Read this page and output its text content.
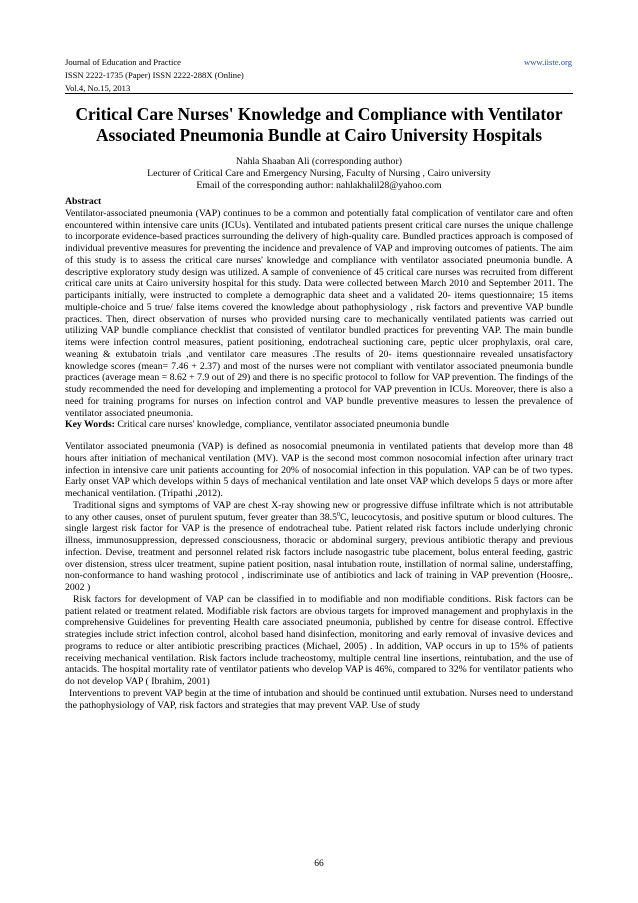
Journal of Education and Practice
ISSN 2222-1735 (Paper) ISSN 2222-288X (Online)
Vol.4, No.15, 2013
www.iiste.org
Critical Care Nurses' Knowledge and Compliance with Ventilator Associated Pneumonia Bundle at Cairo University Hospitals
Nahla Shaaban Ali (corresponding author)
Lecturer of Critical Care and Emergency Nursing, Faculty of Nursing , Cairo university
Email of the corresponding author: nahlakhalil28@yahoo.com

Abstract

Ventilator-associated pneumonia (VAP) continues to be a common and potentially fatal complication of ventilator care and often encountered within intensive care units (ICUs). Ventilated and intubated patients present critical care nurses the unique challenge to incorporate evidence-based practices surrounding the delivery of high-quality care. Bundled practices approach is composed of individual preventive measures for preventing the incidence and prevalence of VAP and improving outcomes of patients. The aim of this study is to assess the critical care nurses' knowledge and compliance with ventilator associated pneumonia bundle. A descriptive exploratory study design was utilized. A sample of convenience of 45 critical care nurses was recruited from different critical care units at Cairo university hospital for this study. Data were collected between March 2010 and September 2011. The participants initially, were instructed to complete a demographic data sheet and a validated 20- items questionnaire; 15 items multiple-choice and 5 true/ false items covered the knowledge about pathophysiology , risk factors and preventive VAP bundle practices. Then, direct observation of nurses who provided nursing care to mechanically ventilated patients was carried out utilizing VAP bundle compliance checklist that consisted of ventilator bundled practices for preventing VAP. The main bundle items were infection control measures, patient positioning, endotracheal suctioning care, peptic ulcer prophylaxis, oral care, weaning & extubatoin trials ,and ventilator care measures .The results of 20- items questionnaire revealed unsatisfactory knowledge scores (mean= 7.46 + 2.37) and most of the nurses were not compliant with ventilator associated pneumonia bundle practices (average mean = 8.62 + 7.9 out of 29) and there is no specific protocol to follow for VAP prevention. The findings of the study recommended the need for developing and implementing a protocol for VAP prevention in ICUs. Moreover, there is also a need for training programs for nurses on infection control and VAP bundle preventive measures to lessen the prevalence of ventilator associated pneumonia.

Key Words: Critical care nurses' knowledge, compliance, ventilator associated pneumonia bundle

Ventilator associated pneumonia (VAP) is defined as nosocomial pneumonia in ventilated patients that develop more than 48 hours after initiation of mechanical ventilation (MV). VAP is the second most common nosocomial infection after urinary tract infection in intensive care unit patients accounting for 20% of nosocomial infection in this population. VAP can be of two types. Early onset VAP which develops within 5 days of mechanical ventilation and late onset VAP which develops 5 days or more after mechanical ventilation. (Tripathi ,2012).

Traditional signs and symptoms of VAP are chest X-ray showing new or progressive diffuse infiltrate which is not attributable to any other causes, onset of purulent sputum, fever greater than 38.5$^0$C, leucocytosis, and positive sputum or blood cultures. The single largest risk factor for VAP is the presence of endotracheal tube. Patient related risk factors include underlying chronic illness, immunosuppression, depressed consciousness, thoracic or abdominal surgery, previous antibiotic therapy and previous infection. Devise, treatment and personnel related risk factors include nasogastric tube placement, bolus enteral feeding, gastric over distension, stress ulcer treatment, supine patient position, nasal intubation route, instillation of normal saline, understaffing, non-conformance to hand washing protocol , indiscriminate use of antibiotics and lack of training in VAP prevention (Hoosre,. 2002 )

Risk factors for development of VAP can be classified in to modifiable and non modifiable conditions. Risk factors can be patient related or treatment related. Modifiable risk factors are obvious targets for improved management and prophylaxis in the comprehensive Guidelines for preventing Health care associated pneumonia, published by centre for disease control. Effective strategies include strict infection control, alcohol based hand disinfection, monitoring and early removal of invasive devices and programs to reduce or alter antibiotic prescribing practices (Michael, 2005) . In addition, VAP occurs in up to 15% of patients receiving mechanical ventilation. Risk factors include tracheostomy, multiple central line insertions, reintubation, and the use of antacids. The hospital mortality rate of ventilator patients who develop VAP is 46%, compared to 32% for ventilator patients who do not develop VAP ( Ibrahim, 2001)

Interventions to prevent VAP begin at the time of intubation and should be continued until extubation. Nurses need to understand the pathophysiology of VAP, risk factors and strategies that may prevent VAP. Use of study

66
